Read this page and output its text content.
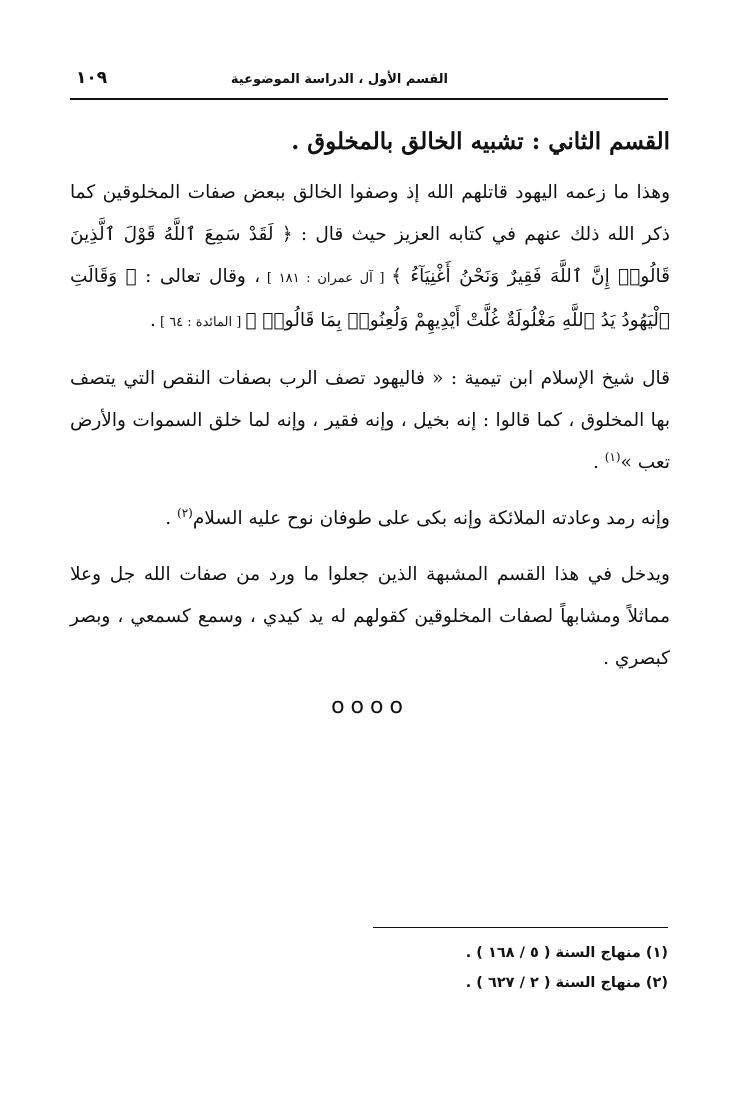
القسم الأول ، الدراسة الموضوعية
١٠٩
القسم الثاني : تشبيه الخالق بالمخلوق .

وهذا ما زعمه اليهود قاتلهم الله إذ وصفوا الخالق ببعض صفات المخلوقين كما ذكر الله ذلك عنهم في كتابه العزيز حيث قال : ﴿ لَقَدْ سَمِعَ ٱللَّهُ قَوْلَ ٱلَّذِينَ قَالُوا۟ إِنَّ ٱللَّهَ فَقِيرٌ وَنَحْنُ أَغْنِيَآءُ ﴾ [ آل عمران : ١٨١ ] ، وقال تعالى : ﴿ وَقَالَتِ ٱلْيَهُودُ يَدُ ٱللَّهِ مَغْلُولَةٌ غُلَّتْ أَيْدِيهِمْ وَلُعِنُوا۟ بِمَا قَالُوا۟ ﴾ [ المائدة : ٦٤ ] .

قال شيخ الإسلام ابن تيمية : « فاليهود تصف الرب بصفات النقص التي يتصف بها المخلوق ، كما قالوا : إنه بخيل ، وإنه فقير ، وإنه لما خلق السموات والأرض تعب »$^{(١)}$ .

وإنه رمد وعادته الملائكة وإنه بكى على طوفان نوح عليه السلام$^{(٢)}$ .

ويدخل في هذا القسم المشبهة الذين جعلوا ما ورد من صفات الله جل وعلا مماثلاً ومشابهاً لصفات المخلوقين كقولهم له يد كيدي ، وسمع كسمعي ، وبصر كبصري .

oooo
(١) منهاج السنة ( ٥ / ١٦٨ ) .
(٢) منهاج السنة ( ٢ / ٦٢٧ ) .
